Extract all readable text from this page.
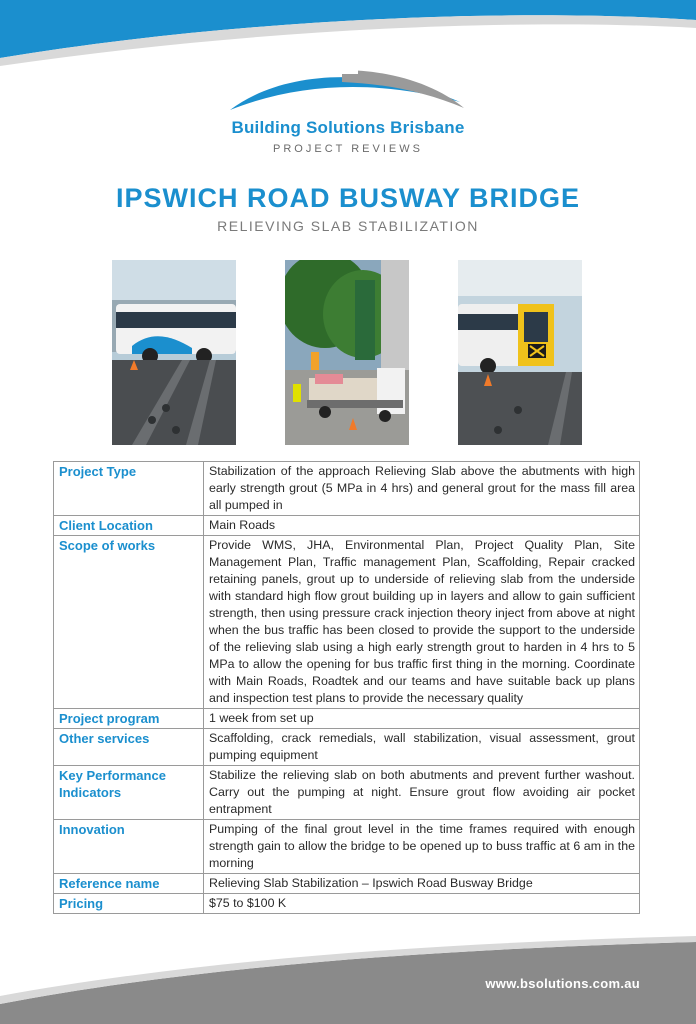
Building Solutions Brisbane
PROJECT REVIEWS
IPSWICH ROAD BUSWAY BRIDGE
RELIEVING SLAB STABILIZATION
Project Type	Stabilization of the approach Relieving Slab above the abutments with high early strength grout (5 MPa in 4 hrs) and general grout for the mass fill area all pumped in
Client Location	Main Roads
Scope of works	Provide WMS, JHA, Environmental Plan, Project Quality Plan, Site Management Plan, Traffic management Plan, Scaffolding, Repair cracked retaining panels, grout up to underside of relieving slab from the underside with standard high flow grout building up in layers and allow to gain sufficient strength, then using pressure crack injection theory inject from above at night when the bus traffic has been closed to provide the support to the underside of the relieving slab using a high early strength grout to harden in 4 hrs to 5 MPa to allow the opening for bus traffic first thing in the morning. Coordinate with Main Roads, Roadtek and our teams and have suitable back up plans and inspection test plans to provide the necessary quality
Project program	1 week from set up
Other services	Scaffolding, crack remedials, wall stabilization, visual assessment, grout pumping equipment
Key Performance Indicators	Stabilize the relieving slab on both abutments and prevent further washout. Carry out the pumping at night. Ensure grout flow avoiding air pocket entrapment
Innovation	Pumping of the final grout level in the time frames required with enough strength gain to allow the bridge to be opened up to buss traffic at 6 am in the morning
Reference name	Relieving Slab Stabilization – Ipswich Road Busway Bridge
Pricing	$75 to $100 K
www.bsolutions.com.au
